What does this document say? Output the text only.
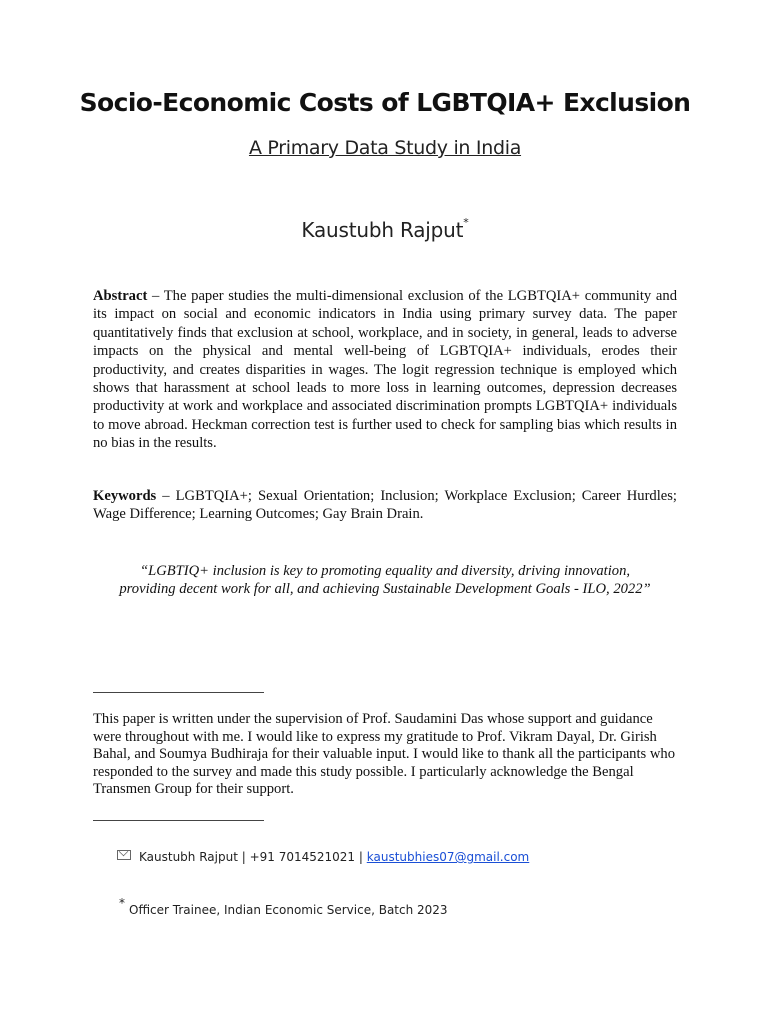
Socio-Economic Costs of LGBTQIA+ Exclusion
A Primary Data Study in India
Kaustubh Rajput*
Abstract – The paper studies the multi-dimensional exclusion of the LGBTQIA+ community and its impact on social and economic indicators in India using primary survey data. The paper quantitatively finds that exclusion at school, workplace, and in society, in general, leads to adverse impacts on the physical and mental well-being of LGBTQIA+ individuals, erodes their productivity, and creates disparities in wages. The logit regression technique is employed which shows that harassment at school leads to more loss in learning outcomes, depression decreases productivity at work and workplace and associated discrimination prompts LGBTQIA+ individuals to move abroad. Heckman correction test is further used to check for sampling bias which results in no bias in the results.
Keywords – LGBTQIA+; Sexual Orientation; Inclusion; Workplace Exclusion; Career Hurdles; Wage Difference; Learning Outcomes; Gay Brain Drain.
“LGBTIQ+ inclusion is key to promoting equality and diversity, driving innovation,
providing decent work for all, and achieving Sustainable Development Goals - ILO, 2022”
This paper is written under the supervision of Prof. Saudamini Das whose support and guidance were throughout with me. I would like to express my gratitude to Prof. Vikram Dayal, Dr. Girish Bahal, and Soumya Budhiraja for their valuable input. I would like to thank all the participants who responded to the survey and made this study possible. I particularly acknowledge the Bengal Transmen Group for their support.
Kaustubh Rajput | +91 7014521021 | kaustubhies07@gmail.com
* Officer Trainee, Indian Economic Service, Batch 2023
